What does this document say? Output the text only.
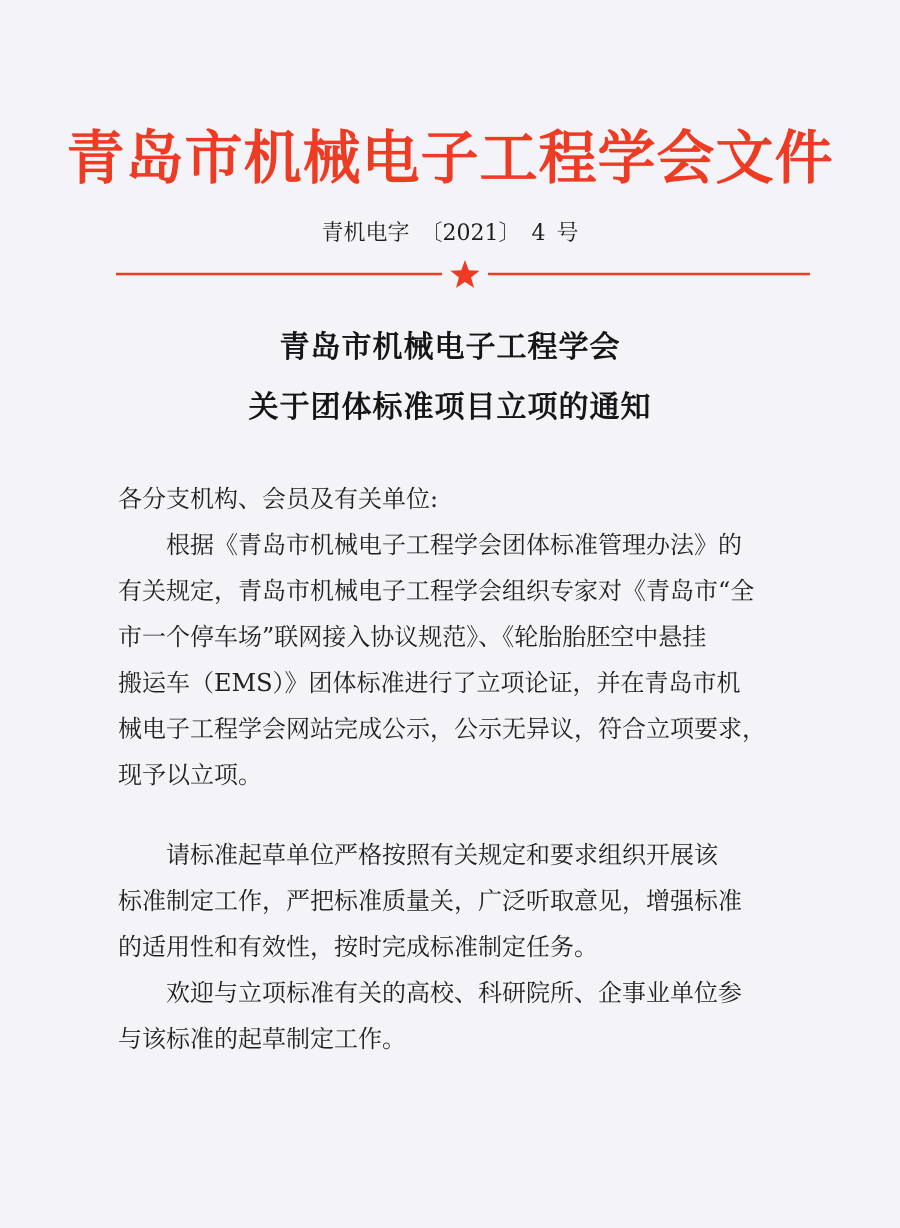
青岛市机械电子工程学会文件
青机电字 〔2021〕 4 号
青岛市机械电子工程学会
关于团体标准项目立项的通知
各分支机构、会员及有关单位:
根据《青岛市机械电子工程学会团体标准管理办法》的
有关规定，青岛市机械电子工程学会组织专家对《青岛市“全
市一个停车场”联网接入协议规范》、《轮胎胎胚空中悬挂
搬运车（EMS）》团体标准进行了立项论证，并在青岛市机
械电子工程学会网站完成公示，公示无异议，符合立项要求，
现予以立项。
请标准起草单位严格按照有关规定和要求组织开展该
标准制定工作，严把标准质量关，广泛听取意见，增强标准
的适用性和有效性，按时完成标准制定任务。
欢迎与立项标准有关的高校、科研院所、企事业单位参
与该标准的起草制定工作。
